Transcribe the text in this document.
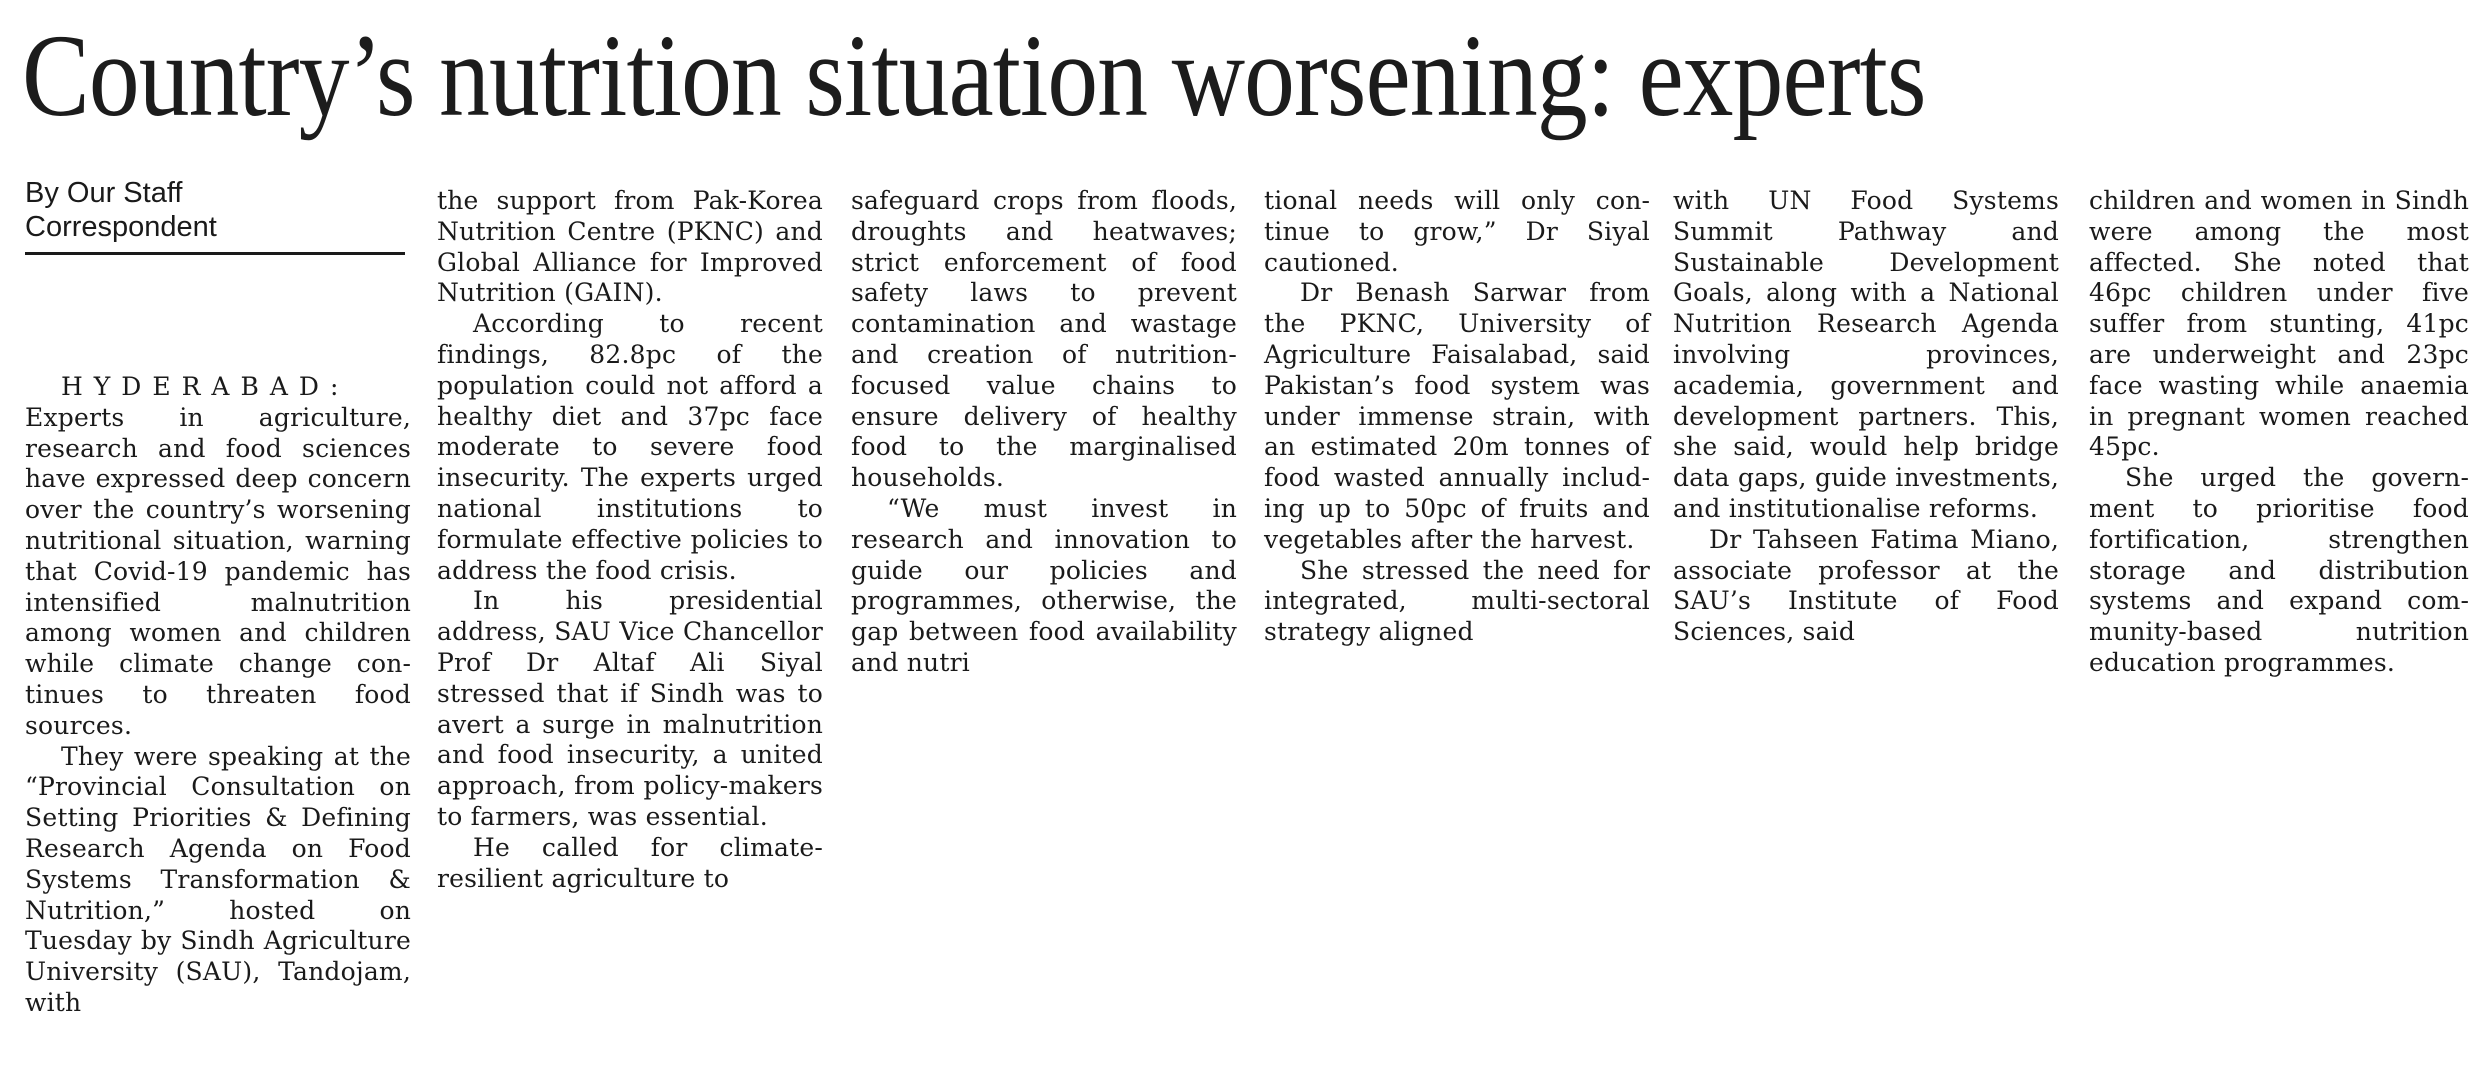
Country’s nutrition situation worsening: experts
By Our Staff
Correspondent

HYDERABAD:
Experts in agriculture, research and food sciences have expressed deep concern over the country’s worsening nutritional situation, warning that Covid-19 pandemic has intensified malnutrition among women and children while climate change continues to threaten food sources.

They were speaking at the “Provincial Consultation on Setting Priorities & Defining Research Agenda on Food Systems Transformation & Nutrition,” hosted on Tuesday by Sindh Agriculture University (SAU), Tandojam, with

the support from Pak-Korea Nutrition Centre (PKNC) and Global Alliance for Improved Nutrition (GAIN).

According to recent findings, 82.8pc of the population could not afford a healthy diet and 37pc face moderate to severe food insecurity. The experts urged national institutions to formulate effective policies to address the food crisis.

In his presidential address, SAU Vice Chancellor Prof Dr Altaf Ali Siyal stressed that if Sindh was to avert a surge in malnutrition and food insecurity, a united approach, from policy-makers to farmers, was essential.

He called for climate-resilient agriculture to

safeguard crops from floods, droughts and heatwaves; strict enforcement of food safety laws to prevent contamination and wastage and creation of nutrition-focused value chains to ensure delivery of healthy food to the marginalised households.

“We must invest in research and innovation to guide our policies and programmes, otherwise, the gap between food availability and nutri

tional needs will only continue to grow,” Dr Siyal cautioned.

Dr Benash Sarwar from the PKNC, University of Agriculture Faisalabad, said Pakistan’s food system was under immense strain, with an estimated 20m tonnes of food wasted annually including up to 50pc of fruits and vegetables after the harvest.

She stressed the need for integrated, multi-sectoral strategy aligned

with UN Food Systems Summit Pathway and Sustainable Development Goals, along with a National Nutrition Research Agenda involving provinces, academia, government and development partners. This, she said, would help bridge data gaps, guide investments, and institutionalise reforms.

Dr Tahseen Fatima Miano, associate professor at the SAU’s Institute of Food Sciences, said

children and women in Sindh were among the most affected. She noted that 46pc children under five suffer from stunting, 41pc are underweight and 23pc face wasting while anaemia in pregnant women reached 45pc.

She urged the government to prioritise food fortification, strengthen storage and distribution systems and expand community-based nutrition education programmes.
